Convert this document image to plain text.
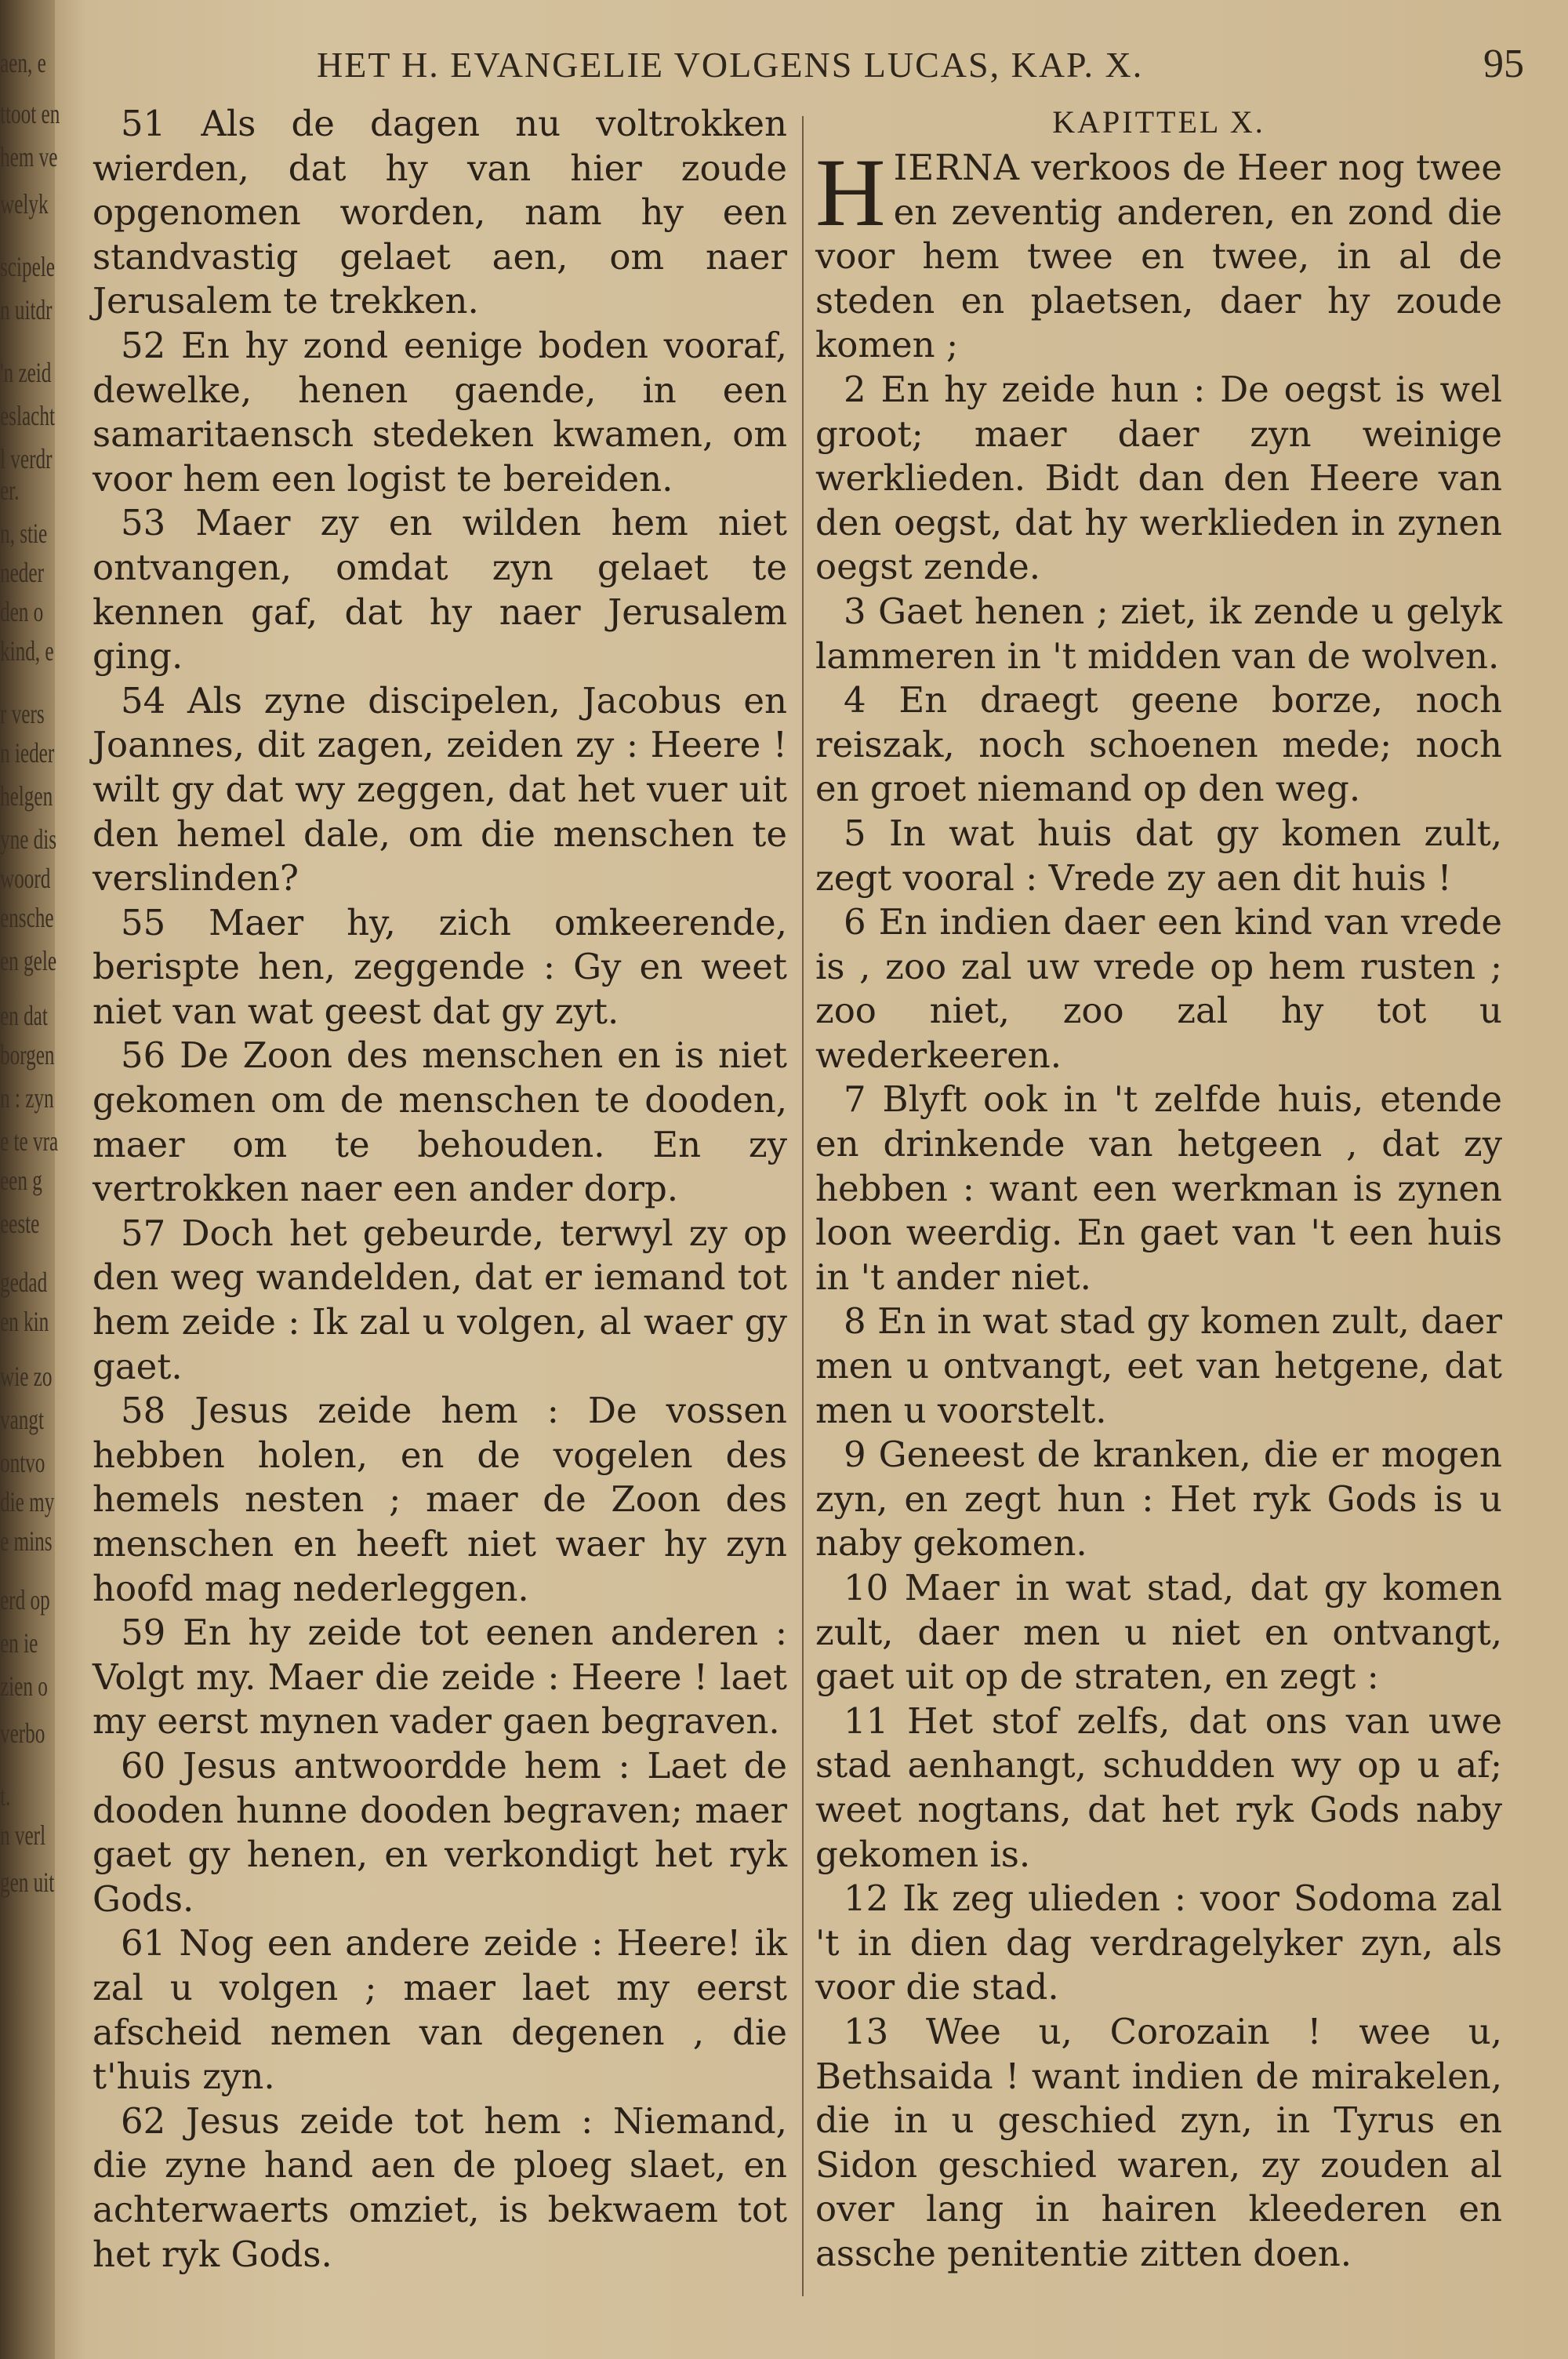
aen, e
ttoot en
hem ve
welyk
scipele
n uitdr
'n zeid
eslacht
l verdr
er.
n, stie
neder
den o
kind, e
r vers
n ieder
helgen
yne dis
woord
ensche
en gele
en dat
borgen
n : zyn
e te vra
een g
eeste
gedad
en kin
wie zo
vangt
ontvo
die my
e mins
erd op
en ie
zien o
verbo
t.
n verl
gen uit
HET H. EVANGELIE VOLGENS LUCAS, KAP. X.	95

51 Als de dagen nu voltrokken wierden, dat hy van hier zoude opgenomen worden, nam hy een standvastig gelaet aen, om naer Jerusalem te trekken.

52 En hy zond eenige boden vooraf, dewelke, henen gaende, in een samaritaensch stedeken kwamen, om voor hem een logist te bereiden.

53 Maer zy en wilden hem niet ontvangen, omdat zyn gelaet te kennen gaf, dat hy naer Jerusalem ging.

54 Als zyne discipelen, Jacobus en Joannes, dit zagen, zeiden zy : Heere ! wilt gy dat wy zeggen, dat het vuer uit den hemel dale, om die menschen te verslinden?

55 Maer hy, zich omkeerende, berispte hen, zeggende : Gy en weet niet van wat geest dat gy zyt.

56 De Zoon des menschen en is niet gekomen om de menschen te dooden, maer om te behouden. En zy vertrokken naer een ander dorp.

57 Doch het gebeurde, terwyl zy op den weg wandelden, dat er iemand tot hem zeide : Ik zal u volgen, al waer gy gaet.

58 Jesus zeide hem : De vossen hebben holen, en de vogelen des hemels nesten ; maer de Zoon des menschen en heeft niet waer hy zyn hoofd mag nederleggen.

59 En hy zeide tot eenen anderen : Volgt my. Maer die zeide : Heere ! laet my eerst mynen vader gaen begraven.

60 Jesus antwoordde hem : Laet de dooden hunne dooden begraven; maer gaet gy henen, en verkondigt het ryk Gods.

61 Nog een andere zeide : Heere! ik zal u volgen ; maer laet my eerst afscheid nemen van degenen , die t'huis zyn.

62 Jesus zeide tot hem : Niemand, die zyne hand aen de ploeg slaet, en achterwaerts omziet, is bekwaem tot het ryk Gods.

KAPITTEL X.

HIERNA verkoos de Heer nog twee en zeventig anderen, en zond die voor hem twee en twee, in al de steden en plaetsen, daer hy zoude komen ;

2 En hy zeide hun : De oegst is wel groot; maer daer zyn weinige werklieden. Bidt dan den Heere van den oegst, dat hy werklieden in zynen oegst zende.

3 Gaet henen ; ziet, ik zende u gelyk lammeren in 't midden van de wolven.

4 En draegt geene borze, noch reiszak, noch schoenen mede; noch en groet niemand op den weg.

5 In wat huis dat gy komen zult, zegt vooral : Vrede zy aen dit huis !

6 En indien daer een kind van vrede is , zoo zal uw vrede op hem rusten ; zoo niet, zoo zal hy tot u wederkeeren.

7 Blyft ook in 't zelfde huis, etende en drinkende van hetgeen , dat zy hebben : want een werkman is zynen loon weerdig. En gaet van 't een huis in 't ander niet.

8 En in wat stad gy komen zult, daer men u ontvangt, eet van hetgene, dat men u voorstelt.

9 Geneest de kranken, die er mogen zyn, en zegt hun : Het ryk Gods is u naby gekomen.

10 Maer in wat stad, dat gy komen zult, daer men u niet en ontvangt, gaet uit op de straten, en zegt :

11 Het stof zelfs, dat ons van uwe stad aenhangt, schudden wy op u af; weet nogtans, dat het ryk Gods naby gekomen is.

12 Ik zeg ulieden : voor Sodoma zal 't in dien dag verdragelyker zyn, als voor die stad.

13 Wee u, Corozain ! wee u, Bethsaida ! want indien de mirakelen, die in u geschied zyn, in Tyrus en Sidon geschied waren, zy zouden al over lang in hairen kleederen en assche penitentie zitten doen.
